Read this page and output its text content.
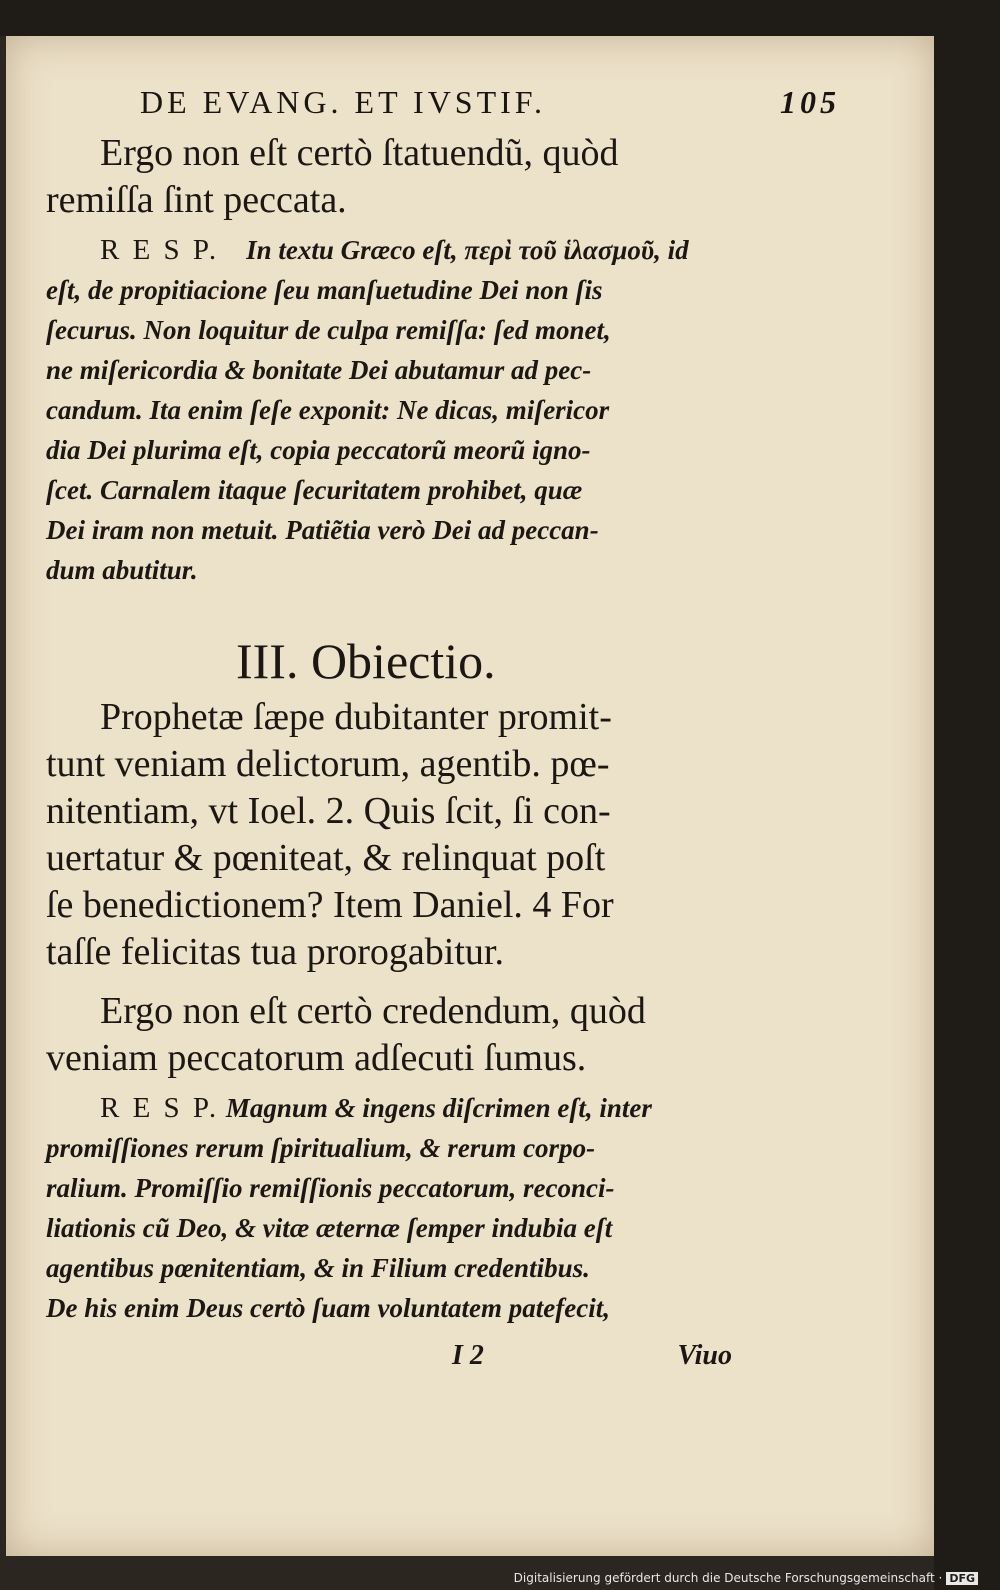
DE EVANG. ET IVSTIF.	105
Ergo non eſt certò ſtatuendũ, quòd
remiſſa ſint peccata.
R E S P. In textu Græco eſt, περὶ τοῦ ἱλασμοῦ, id
eſt, de propitiacione ſeu manſuetudine Dei non ſis
ſecurus. Non loquitur de culpa remiſſa: ſed monet,
ne miſericordia & bonitate Dei abutamur ad pec-
candum. Ita enim ſeſe exponit: Ne dicas, miſericor
dia Dei plurima eſt, copia peccatorũ meorũ igno-
ſcet. Carnalem itaque ſecuritatem prohibet, quæ
Dei iram non metuit. Patiẽtia verò Dei ad peccan-
dum abutitur.
III. Obiectio.
Prophetæ ſæpe dubitanter promit-
tunt veniam delictorum, agentib. pœ-
nitentiam, vt Ioel. 2. Quis ſcit, ſi con-
uertatur & pœniteat, & relinquat poſt
ſe benedictionem? Item Daniel. 4 For
taſſe felicitas tua prorogabitur.
Ergo non eſt certò credendum, quòd
veniam peccatorum adſecuti ſumus.
R E S P. Magnum & ingens diſcrimen eſt, inter
promiſſiones rerum ſpiritualium, & rerum corpo-
ralium. Promiſſio remiſſionis peccatorum, reconci-
liationis cũ Deo, & vitæ æternæ ſemper indubia eſt
agentibus pœnitentiam, & in Filium credentibus.
De his enim Deus certò ſuam voluntatem patefecit,
I 2	Viuo
Digitalisierung gefördert durch die Deutsche Forschungsgemeinschaft · DFG
